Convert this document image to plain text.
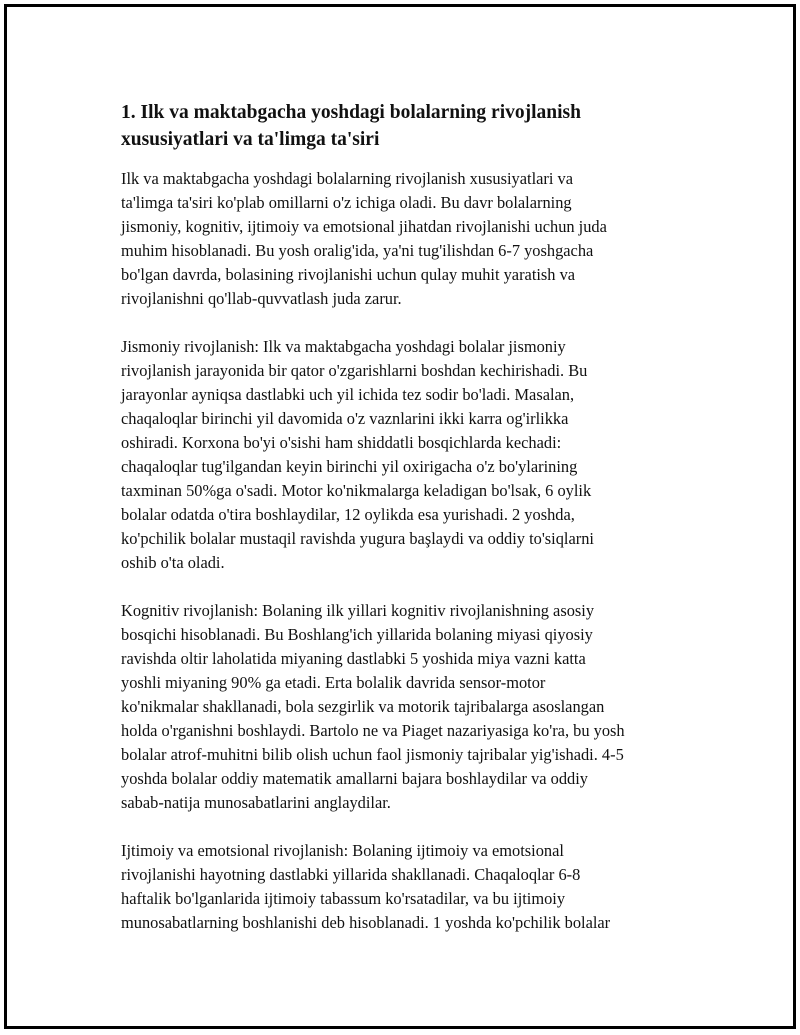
1. Ilk va maktabgacha yoshdagi bolalarning rivojlanish xususiyatlari va ta'limga ta'siri

Ilk va maktabgacha yoshdagi bolalarning rivojlanish xususiyatlari va
ta'limga ta'siri ko'plab omillarni o'z ichiga oladi. Bu davr bolalarning
jismoniy, kognitiv, ijtimoiy va emotsional jihatdan rivojlanishi uchun juda
muhim hisoblanadi. Bu yosh oralig'ida, ya'ni tug'ilishdan 6-7 yoshgacha
bo'lgan davrda, bolasining rivojlanishi uchun qulay muhit yaratish va
rivojlanishni qo'llab-quvvatlash juda zarur.

Jismoniy rivojlanish: Ilk va maktabgacha yoshdagi bolalar jismoniy
rivojlanish jarayonida bir qator o'zgarishlarni boshdan kechirishadi. Bu
jarayonlar ayniqsa dastlabki uch yil ichida tez sodir bo'ladi. Masalan,
chaqaloqlar birinchi yil davomida o'z vaznlarini ikki karra og'irlikka
oshiradi. Korxona bo'yi o'sishi ham shiddatli bosqichlarda kechadi:
chaqaloqlar tug'ilgandan keyin birinchi yil oxirigacha o'z bo'ylarining
taxminan 50%ga o'sadi. Motor ko'nikmalarga keladigan bo'lsak, 6 oylik
bolalar odatda o'tira boshlaydilar, 12 oylikda esa yurishadi. 2 yoshda,
ko'pchilik bolalar mustaqil ravishda yugura başlaydi va oddiy to'siqlarni
oshib o'ta oladi.

Kognitiv rivojlanish: Bolaning ilk yillari kognitiv rivojlanishning asosiy
bosqichi hisoblanadi. Bu Boshlang'ich yillarida bolaning miyasi qiyosiy
ravishda oltir laholatida miyaning dastlabki 5 yoshida miya vazni katta
yoshli miyaning 90% ga etadi. Erta bolalik davrida sensor-motor
ko'nikmalar shakllanadi, bola sezgirlik va motorik tajribalarga asoslangan
holda o'rganishni boshlaydi. Bartolo ne va Piaget nazariyasiga ko'ra, bu yosh
bolalar atrof-muhitni bilib olish uchun faol jismoniy tajribalar yig'ishadi. 4-5
yoshda bolalar oddiy matematik amallarni bajara boshlaydilar va oddiy
sabab-natija munosabatlarini anglaydilar.

Ijtimoiy va emotsional rivojlanish: Bolaning ijtimoiy va emotsional
rivojlanishi hayotning dastlabki yillarida shakllanadi. Chaqaloqlar 6-8
haftalik bo'lganlarida ijtimoiy tabassum ko'rsatadilar, va bu ijtimoiy
munosabatlarning boshlanishi deb hisoblanadi. 1 yoshda ko'pchilik bolalar
